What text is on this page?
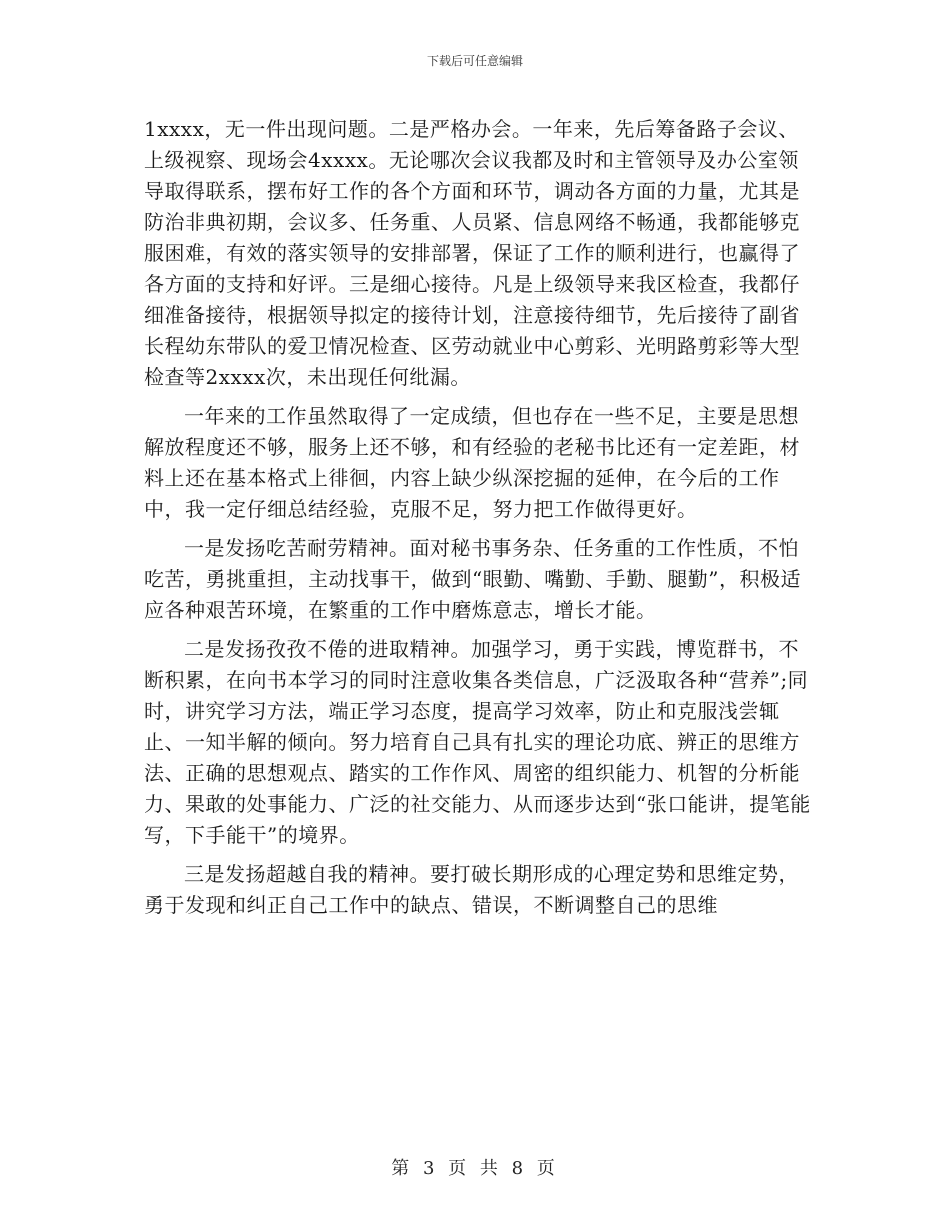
下载后可任意编辑

1xxxx，无一件出现问题。二是严格办会。一年来，先后筹备路子会议、上级视察、现场会4xxxx。无论哪次会议我都及时和主管领导及办公室领导取得联系，摆布好工作的各个方面和环节，调动各方面的力量，尤其是防治非典初期，会议多、任务重、人员紧、信息网络不畅通，我都能够克服困难，有效的落实领导的安排部署，保证了工作的顺利进行，也赢得了各方面的支持和好评。三是细心接待。凡是上级领导来我区检查，我都仔细准备接待，根据领导拟定的接待计划，注意接待细节，先后接待了副省长程幼东带队的爱卫情况检查、区劳动就业中心剪彩、光明路剪彩等大型检查等2xxxx次，未出现任何纰漏。

一年来的工作虽然取得了一定成绩，但也存在一些不足，主要是思想解放程度还不够，服务上还不够，和有经验的老秘书比还有一定差距，材料上还在基本格式上徘徊，内容上缺少纵深挖掘的延伸，在今后的工作中，我一定仔细总结经验，克服不足，努力把工作做得更好。

一是发扬吃苦耐劳精神。面对秘书事务杂、任务重的工作性质，不怕吃苦，勇挑重担，主动找事干，做到“眼勤、嘴勤、手勤、腿勤”，积极适应各种艰苦环境，在繁重的工作中磨炼意志，增长才能。

二是发扬孜孜不倦的进取精神。加强学习，勇于实践，博览群书，不断积累，在向书本学习的同时注意收集各类信息，广泛汲取各种“营养”;同时，讲究学习方法，端正学习态度，提高学习效率，防止和克服浅尝辄止、一知半解的倾向。努力培育自己具有扎实的理论功底、辨正的思维方法、正确的思想观点、踏实的工作作风、周密的组织能力、机智的分析能力、果敢的处事能力、广泛的社交能力、从而逐步达到“张口能讲，提笔能写，下手能干”的境界。

三是发扬超越自我的精神。要打破长期形成的心理定势和思维定势，勇于发现和纠正自己工作中的缺点、错误，不断调整自己的思维

第 3 页 共 8 页
